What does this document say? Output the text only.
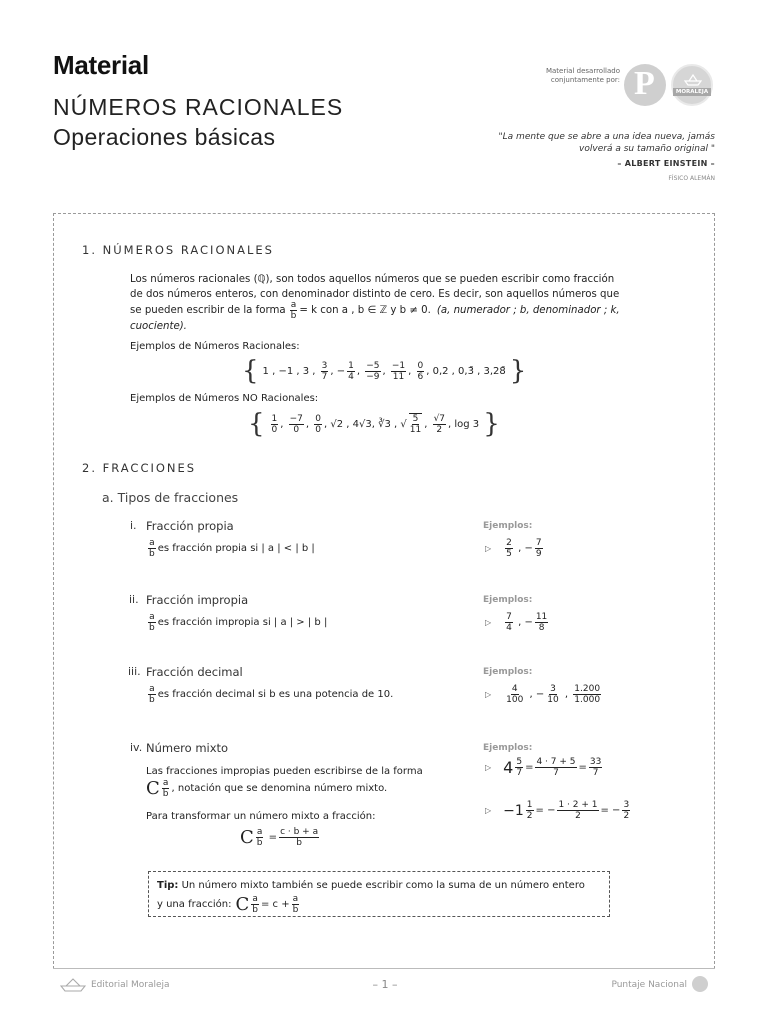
Material
NÚMEROS RACIONALES
Operaciones básicas
Material desarrollado
conjuntamente por: P	MORALEJA
"La mente que se abre a una idea nueva, jamás
volverá a su tamaño original "
– ALBERT EINSTEIN –
FÍSICO ALEMÁN
1. NÚMEROS RACIONALES
Los números racionales (ℚ), son todos aquellos números que se pueden escribir como fracción
de dos números enteros, con denominador distinto de cero. Es decir, son aquellos números que
se pueden escribir de la forma $\frac{a}{b} = k$ con a , b ∈ ℤ y b ≠ 0. (a, numerador ; b, denominador ; k,
cuociente).
Ejemplos de Números Racionales:
{ 1 , −1 , 3 , $\frac{3}{7}$ , − $\frac{1}{4}$ , $\frac{-5}{-9}$ , $\frac{-1}{11}$ , $\frac{0}{6}$ , 0,2 , 0,3̄ , 3,28̄ }
Ejemplos de Números NO Racionales:
{ $\frac{1}{0}$ , $\frac{-7}{0}$ , $\frac{0}{0}$ , √2 , 4√3, ∛3 , √ $\frac{5}{11}$ , $\frac{√7}{2}$ , log 3 }
2. FRACCIONES
a. Tipos de fracciones
i. Fracción propia	Ejemplos:
$\frac{a}{b}$ es fracción propia si | a | < | b |	▷ $\frac{2}{5}$ , − $\frac{7}{9}$
ii. Fracción impropia	Ejemplos:
$\frac{a}{b}$ es fracción impropia si | a | > | b |	▷ $\frac{7}{4}$ , − $\frac{11}{8}$
iii. Fracción decimal	Ejemplos:
$\frac{a}{b}$ es fracción decimal si b es una potencia de 10.	▷ $\frac{4}{100}$ , − $\frac{3}{10}$ , $\frac{1.200}{1.000}$
iv. Número mixto	Ejemplos:
Las fracciones impropias pueden escribirse de la forma
C $\frac{a}{b}$ , notación que se denomina número mixto.
Para transformar un número mixto a fracción:
C $\frac{a}{b} = \frac{c \cdot b + a}{b}$
▷ $4 \frac{5}{7} = \frac{4 \cdot 7 + 5}{7} = \frac{33}{7}$
▷ $-1 \frac{1}{2}$ = − $\frac{1 \cdot 2 + 1}{2}$ = − $\frac{3}{2}$
Tip: Un número mixto también se puede escribir como la suma de un número entero
y una fracción: C $\frac{a}{b} = c + \frac{a}{b}$
Editorial Moraleja	– 1 –	Puntaje Nacional
